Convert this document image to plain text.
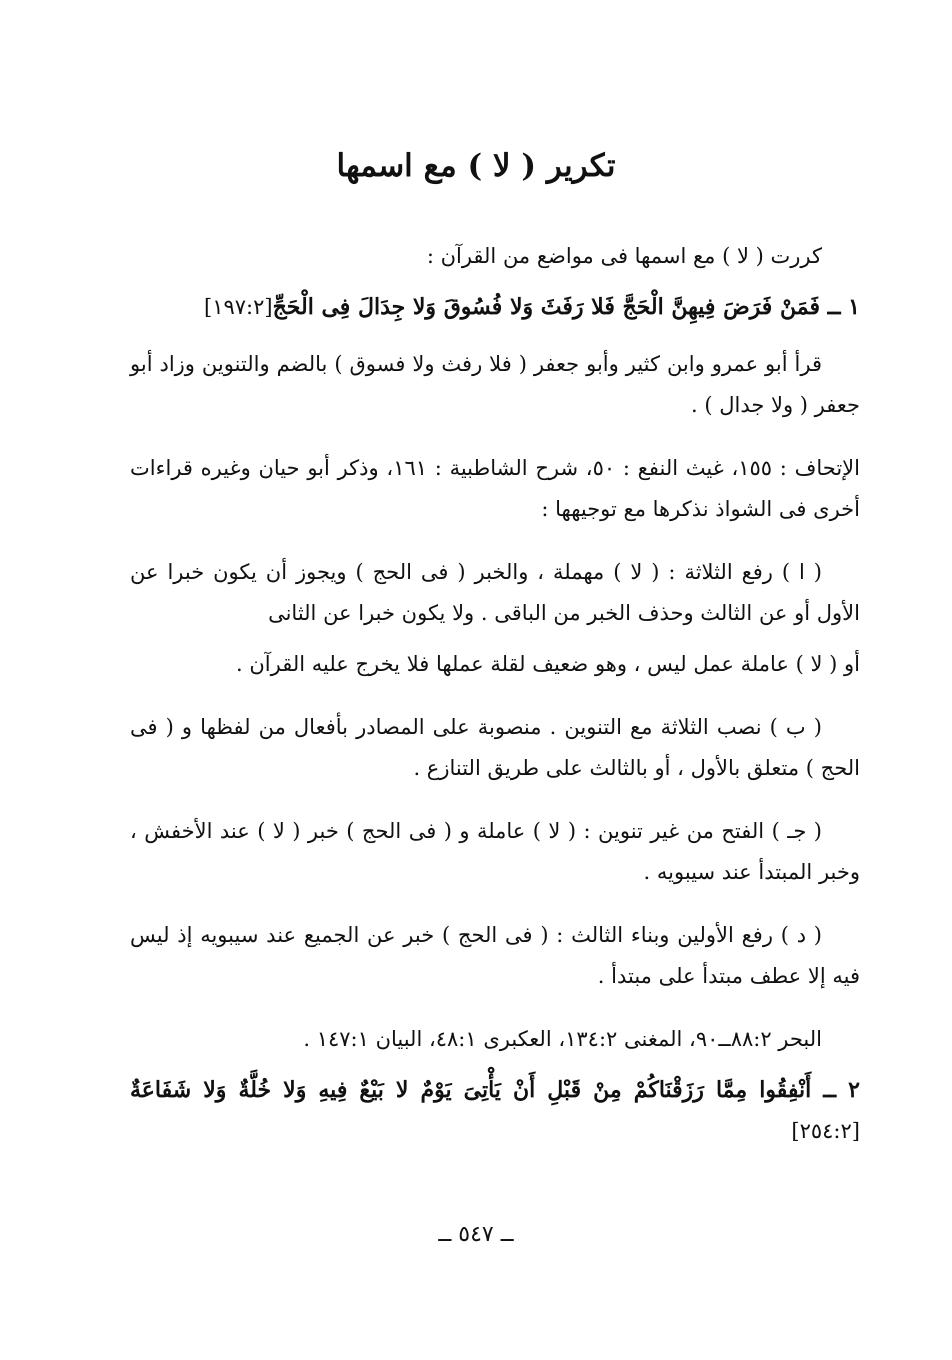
تكرير ( لا ) مع اسمها

كررت ( لا ) مع اسمها فى مواضع من القرآن :

١ ــ فَمَنْ فَرَضَ فِيهِنَّ الْحَجَّ فَلا رَفَثَ وَلا فُسُوقَ وَلا جِدَالَ فِى الْحَجِّ[١٩٧:٢]

قرأ أبو عمرو وابن كثير وأبو جعفر ( فلا رفث ولا فسوق ) بالضم والتنوين وزاد أبو جعفر ( ولا جدال ) .

الإتحاف : ١٥٥، غيث النفع : ٥٠، شرح الشاطبية : ١٦١، وذكر أبو حيان وغيره قراءات أخرى فى الشواذ نذكرها مع توجيهها :

( ا ) رفع الثلاثة : ( لا ) مهملة ، والخبر ( فى الحج ) ويجوز أن يكون خبرا عن الأول أو عن الثالث وحذف الخبر من الباقى . ولا يكون خبرا عن الثانى

أو ( لا ) عاملة عمل ليس ، وهو ضعيف لقلة عملها فلا يخرج عليه القرآن .

( ب ) نصب الثلاثة مع التنوين . منصوبة على المصادر بأفعال من لفظها و ( فى الحج ) متعلق بالأول ، أو بالثالث على طريق التنازع .

( جـ ) الفتح من غير تنوين : ( لا ) عاملة و ( فى الحج ) خبر ( لا ) عند الأخفش ، وخبر المبتدأ عند سيبويه .

( د ) رفع الأولين وبناء الثالث : ( فى الحج ) خبر عن الجميع عند سيبويه إذ ليس فيه إلا عطف مبتدأ على مبتدأ .

البحر ٨٨:٢ــ٩٠، المغنى ١٣٤:٢، العكبرى ٤٨:١، البيان ١٤٧:١ .

٢ ــ أَنْفِقُوا مِمَّا رَزَقْنَاكُمْ مِنْ قَبْلِ أَنْ يَأْتِىَ يَوْمٌ لا بَيْعٌ فِيهِ وَلا خُلَّةٌ وَلا شَفَاعَةٌ [٢٥٤:٢]

ــ ٥٤٧ ــ
